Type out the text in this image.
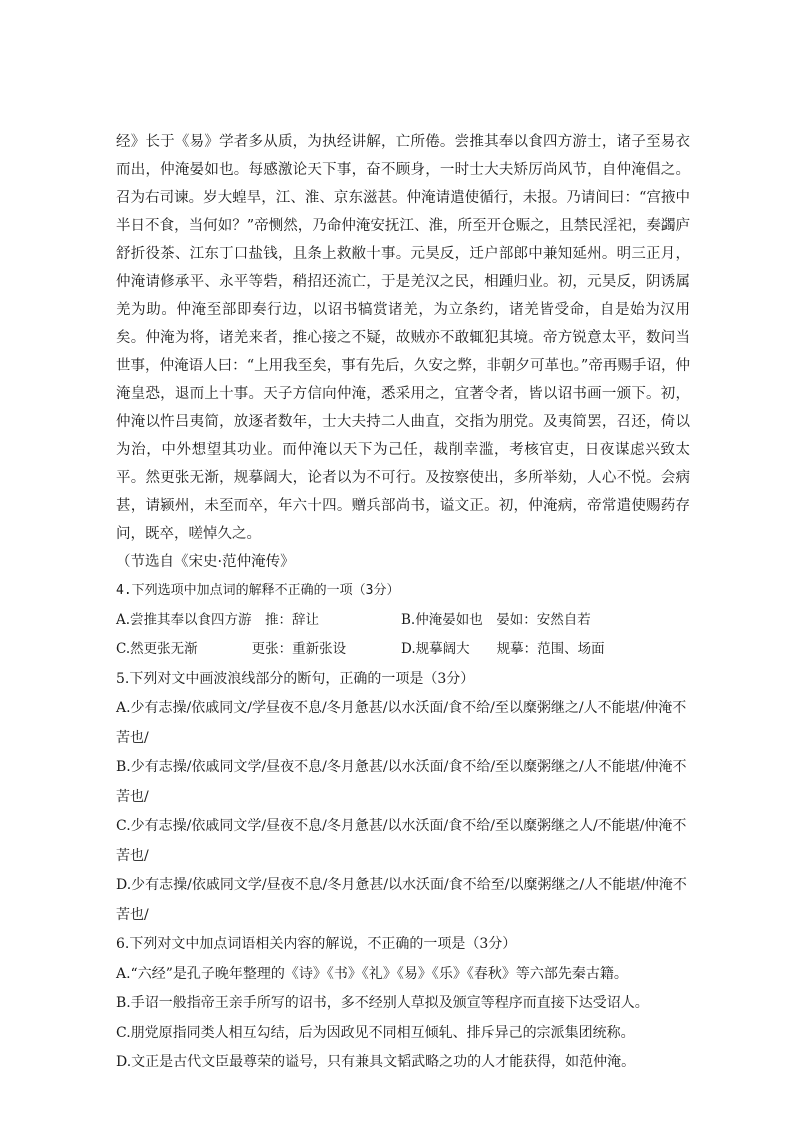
经》长于《易》学者多从质，为执经讲解，亡所倦。尝推其奉以食四方游士，诸子至易衣而出，仲淹晏如也。每感激论天下事，奋不顾身，一时士大夫矫厉尚风节，自仲淹倡之。召为右司谏。岁大蝗旱，江、淮、京东滋甚。仲淹请遣使循行，未报。乃请间曰：“宫掖中半日不食，当何如？”帝恻然，乃命仲淹安抚江、淮，所至开仓赈之，且禁民淫祀，奏蠲庐舒折役茶、江东丁口盐钱，且条上救敝十事。元昊反，迁户部郎中兼知延州。明三正月，仲淹请修承平、永平等砦，稍招还流亡，于是羌汉之民，相踵归业。初，元昊反，阴诱属羌为助。仲淹至部即奏行边，以诏书犒赏诸羌，为立条约，诸羌皆受命，自是始为汉用矣。仲淹为将，诸羌来者，推心接之不疑，故贼亦不敢辄犯其境。帝方锐意太平，数问当世事，仲淹语人曰：“上用我至矣，事有先后，久安之弊，非朝夕可革也。”帝再赐手诏，仲淹皇恐，退而上十事。天子方信向仲淹，悉采用之，宜著令者，皆以诏书画一颁下。初，仲淹以忤吕夷简，放逐者数年，士大夫持二人曲直，交指为朋党。及夷简罢，召还，倚以为治，中外想望其功业。而仲淹以天下为己任，裁削幸滥，考核官吏，日夜谋虑兴致太平。然更张无渐，规摹阔大，论者以为不可行。及按察使出，多所举劾，人心不悦。会病甚，请颍州，未至而卒，年六十四。赠兵部尚书，谥文正。初，仲淹病，帝常遣使赐药存问，既卒，嗟悼久之。

（节选自《宋史·范仲淹传》

4.下列选项中加点词的解释不正确的一项（3分）

A.尝推其奉以食四方游　推：辞让	B.仲淹晏如也　晏如：安然自若
C.然更张无渐　　　　更张：重新张设	D.规摹阔大　　规摹：范围、场面

5.下列对文中画波浪线部分的断句，正确的一项是（3分）

A.少有志操/依戚同文/学昼夜不息/冬月惫甚/以水沃面/食不给/至以糜粥继之/人不能堪/仲淹不苦也/

B.少有志操/依戚同文学/昼夜不息/冬月惫甚/以水沃面/食不给/至以糜粥继之/人不能堪/仲淹不苦也/

C.少有志操/依戚同文学/昼夜不息/冬月惫甚/以水沃面/食不给/至以糜粥继之人/不能堪/仲淹不苦也/

D.少有志操/依戚同文学/昼夜不息/冬月惫甚/以水沃面/食不给至/以糜粥继之/人不能堪/仲淹不苦也/

6.下列对文中加点词语相关内容的解说，不正确的一项是（3分）

A.“六经”是孔子晚年整理的《诗》《书》《礼》《易》《乐》《春秋》等六部先秦古籍。

B.手诏一般指帝王亲手所写的诏书，多不经别人草拟及颁宣等程序而直接下达受诏人。

C.朋党原指同类人相互勾结，后为因政见不同相互倾轧、排斥异己的宗派集团统称。

D.文正是古代文臣最尊荣的谥号，只有兼具文韬武略之功的人才能获得，如范仲淹。
